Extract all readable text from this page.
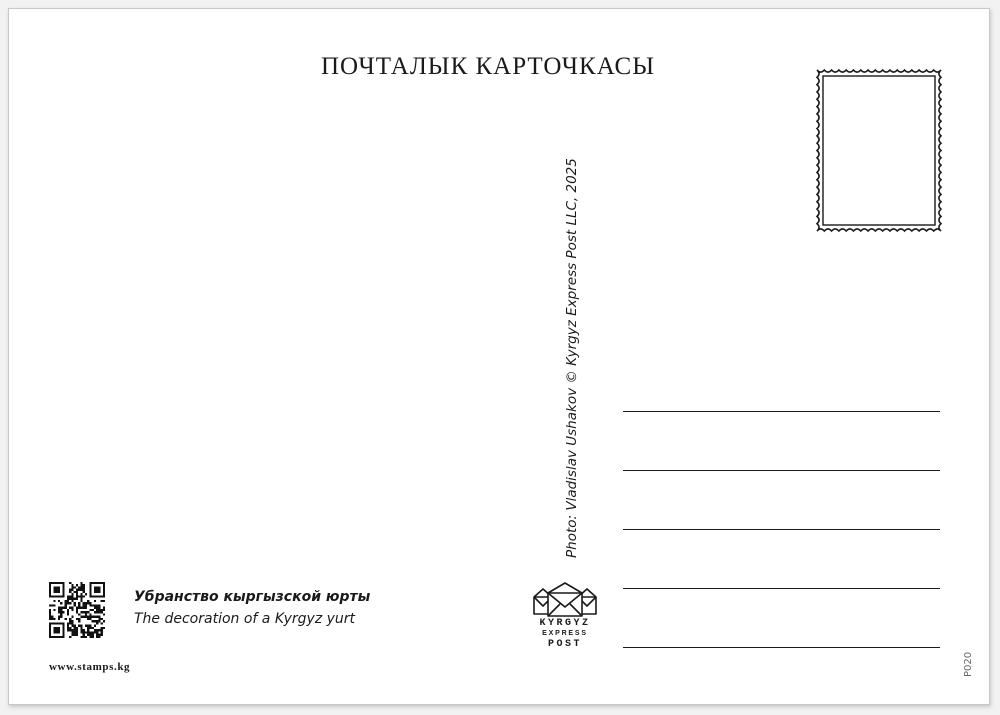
ПОЧТАЛЫК КАРТОЧКАСЫ
Photo: Vladislav Ushakov © Kyrgyz Express Post LLC, 2025
Убранство кыргызской юрты
The decoration of a Kyrgyz yurt
www.stamps.kg
KYRGYZ
EXPRESS
POST
P020
